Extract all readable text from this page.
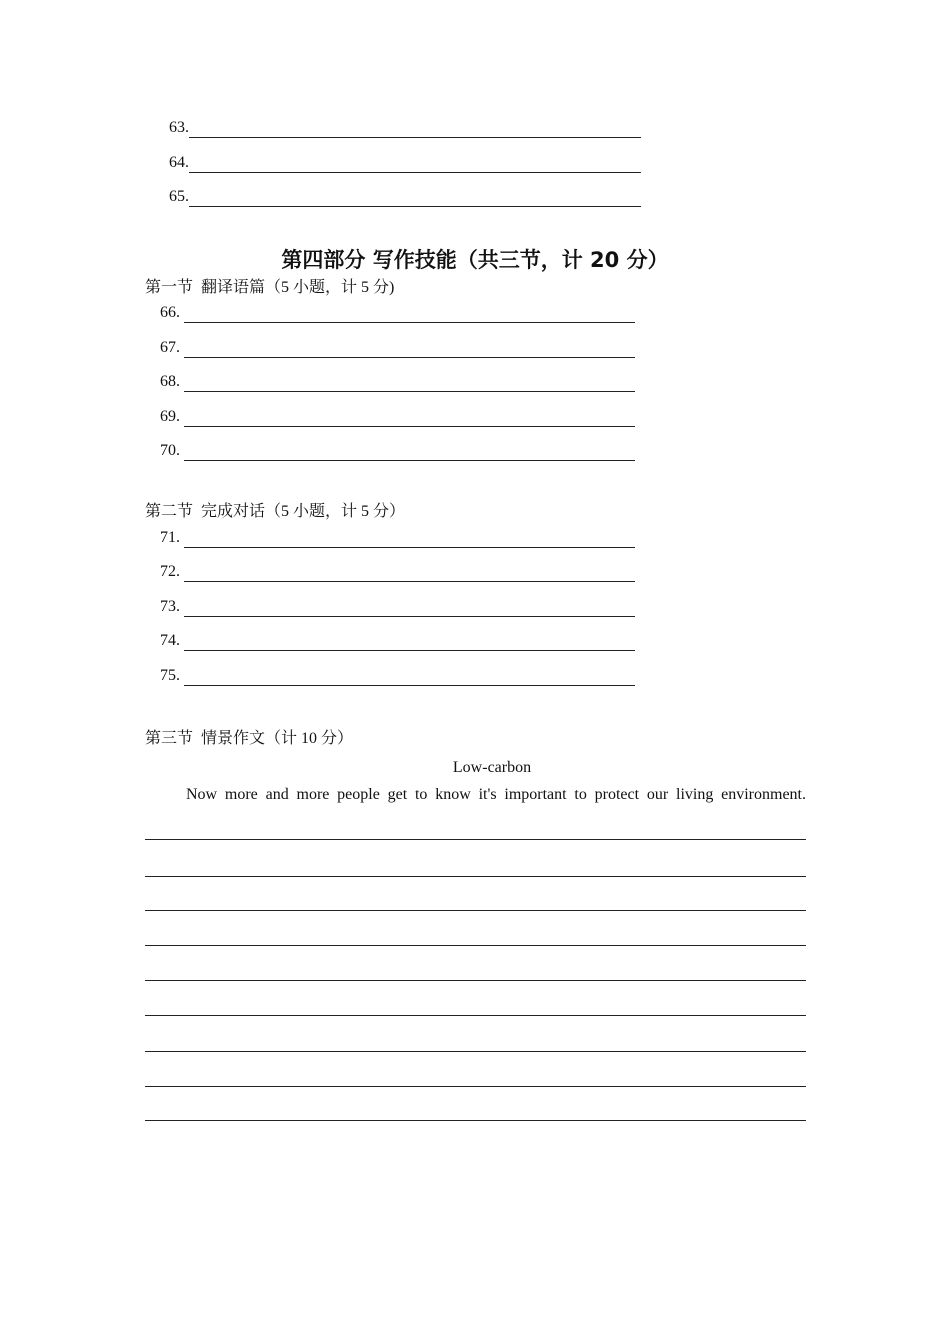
63.
64.
65.
第四部分 写作技能（共三节，计 20 分）
第一节  翻译语篇（5 小题，计 5 分)
66.
67.
68.
69.
70.
第二节  完成对话（5 小题，计 5 分）
71.
72.
73.
74.
75.
第三节  情景作文（计 10 分）
Low-carbon
Now more and more people get to know it's important to protect our living environment.
